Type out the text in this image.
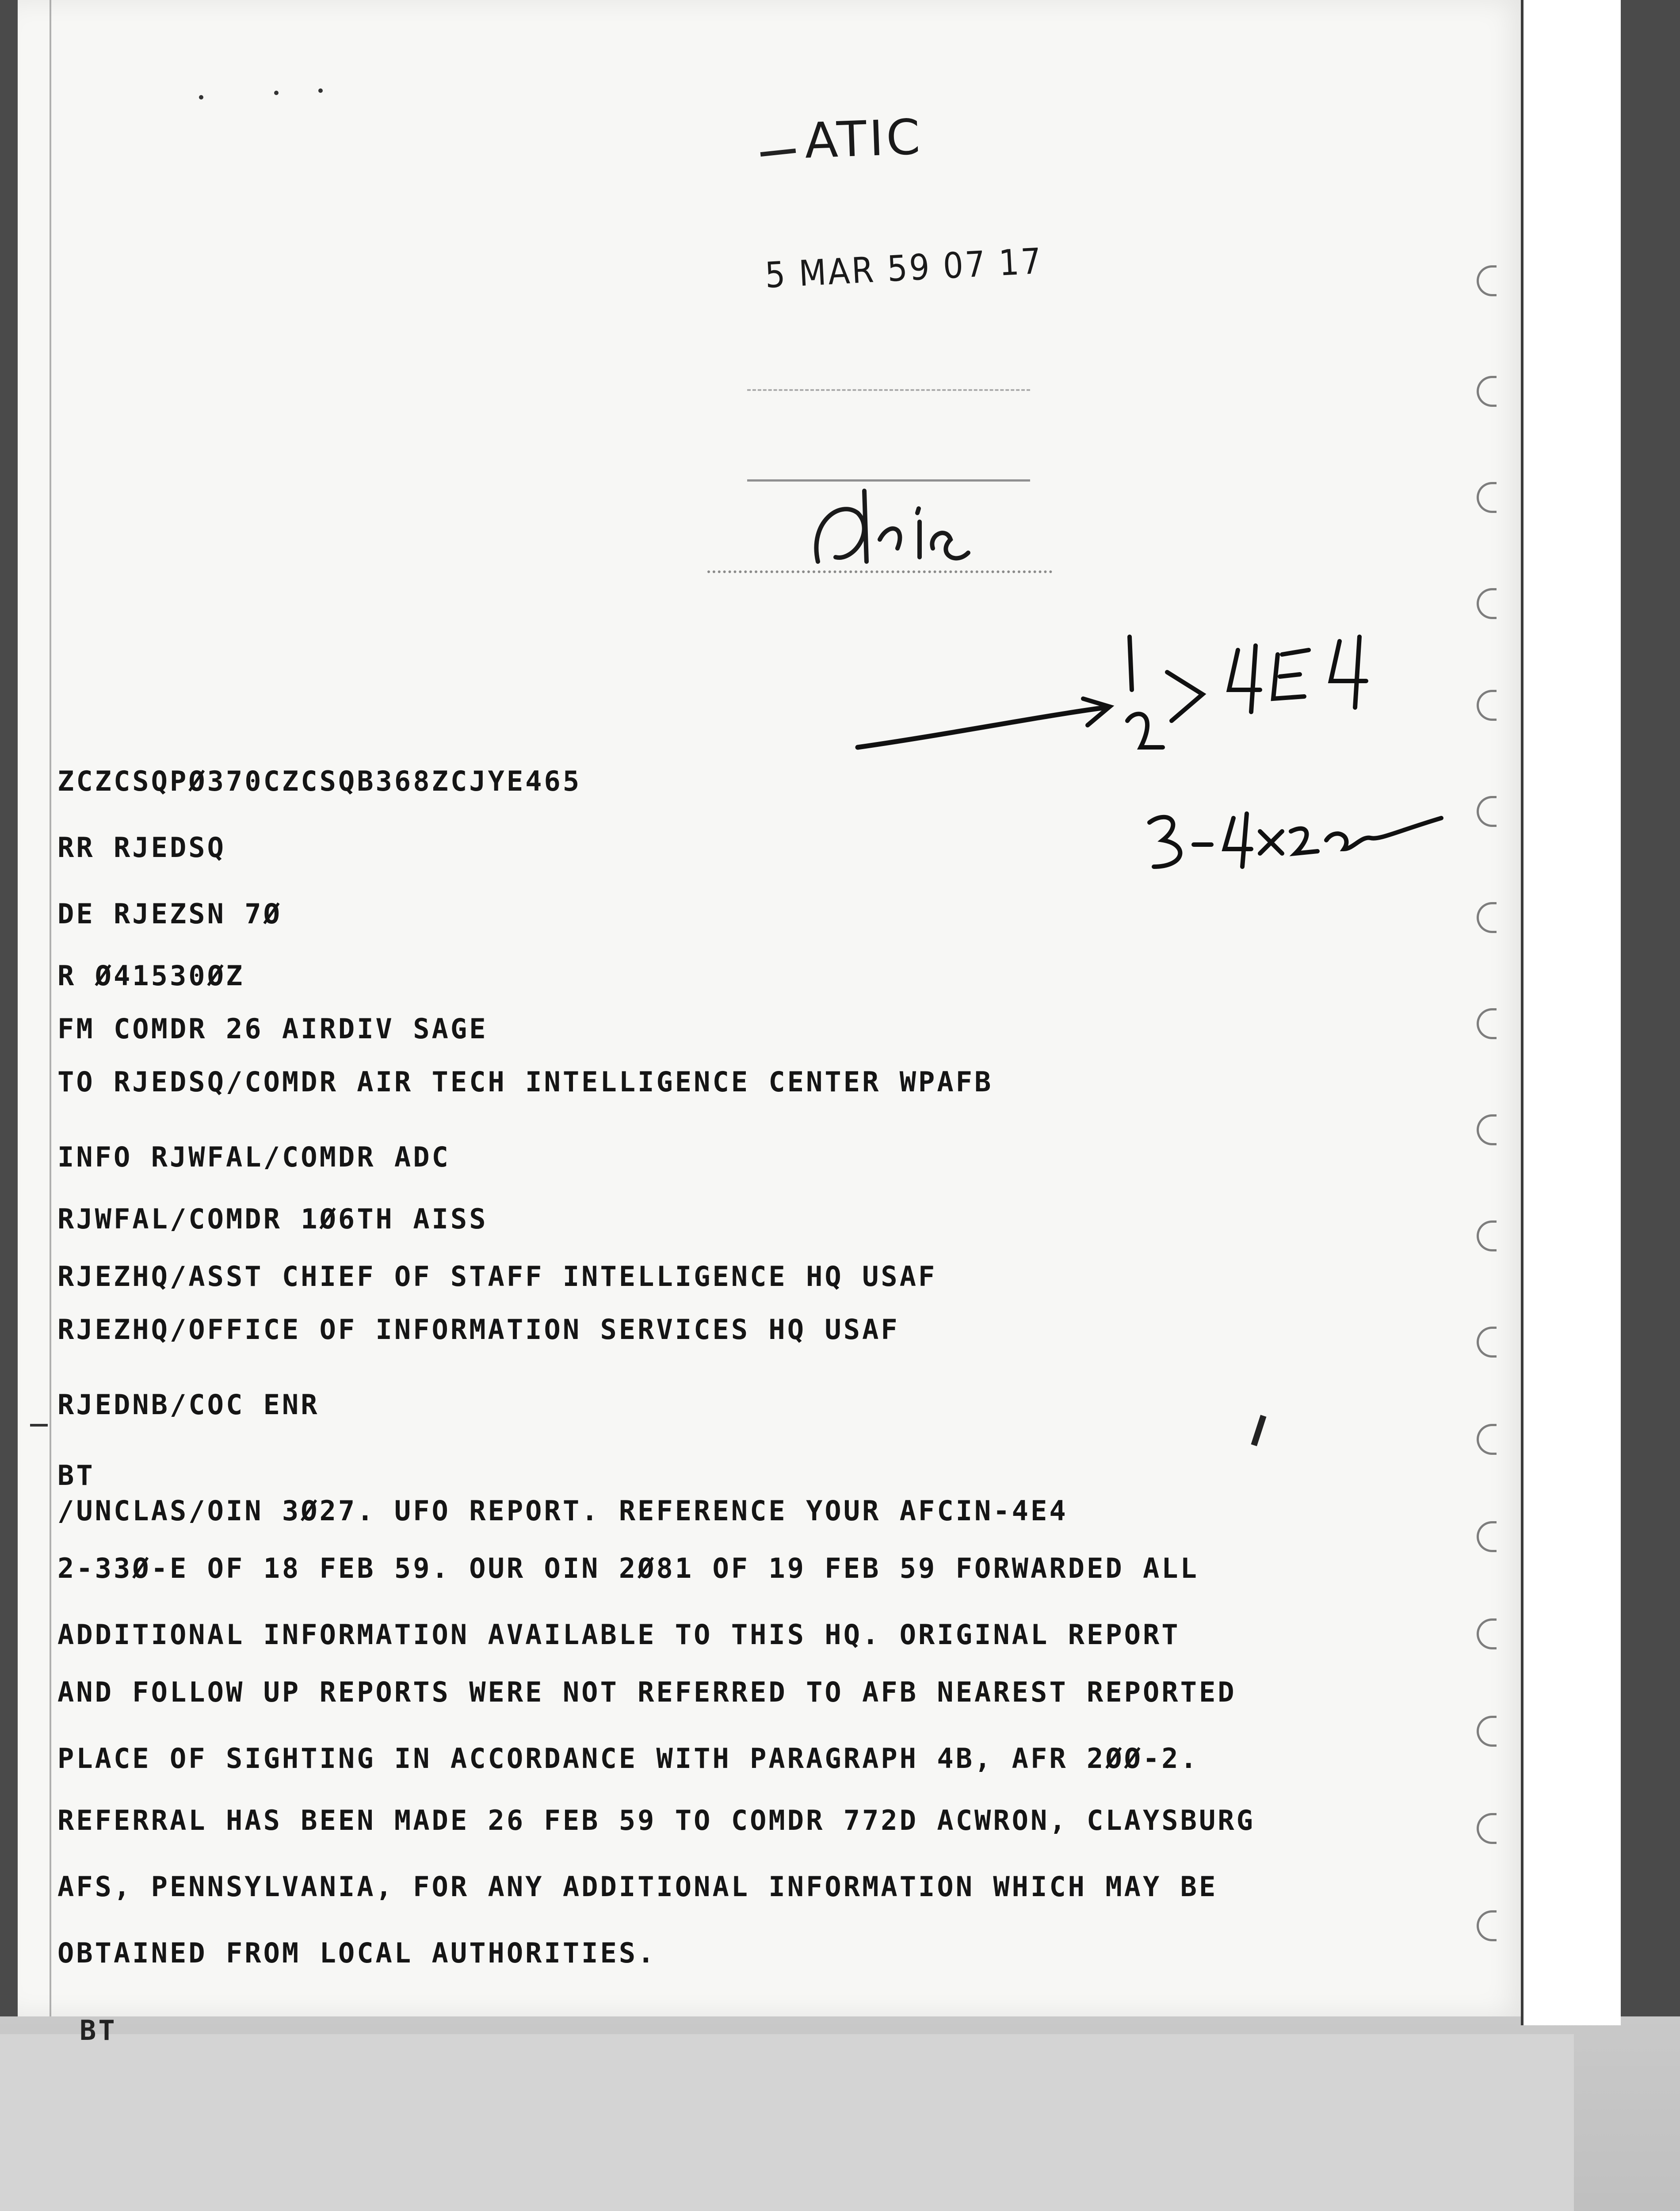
ATIC
5 MAR 59 07 17
ZCZCSQPØ370CZCSQB368ZCJYE465
RR RJEDSQ
DE RJEZSN 7Ø
R Ø41530ØZ
FM COMDR 26 AIRDIV SAGE
TO RJEDSQ/COMDR AIR TECH INTELLIGENCE CENTER WPAFB
INFO RJWFAL/COMDR ADC
RJWFAL/COMDR 1Ø6TH AISS
RJEZHQ/ASST CHIEF OF STAFF INTELLIGENCE HQ USAF
RJEZHQ/OFFICE OF INFORMATION SERVICES HQ USAF
RJEDNB/COC ENR
BT
/UNCLAS/OIN 3Ø27. UFO REPORT. REFERENCE YOUR AFCIN-4E4
2-33Ø-E OF 18 FEB 59. OUR OIN 2Ø81 OF 19 FEB 59 FORWARDED ALL
ADDITIONAL INFORMATION AVAILABLE TO THIS HQ. ORIGINAL REPORT
AND FOLLOW UP REPORTS WERE NOT REFERRED TO AFB NEAREST REPORTED
PLACE OF SIGHTING IN ACCORDANCE WITH PARAGRAPH 4B, AFR 2ØØ-2.
REFERRAL HAS BEEN MADE 26 FEB 59 TO COMDR 772D ACWRON, CLAYSBURG
AFS, PENNSYLVANIA, FOR ANY ADDITIONAL INFORMATION WHICH MAY BE
OBTAINED FROM LOCAL AUTHORITIES.
